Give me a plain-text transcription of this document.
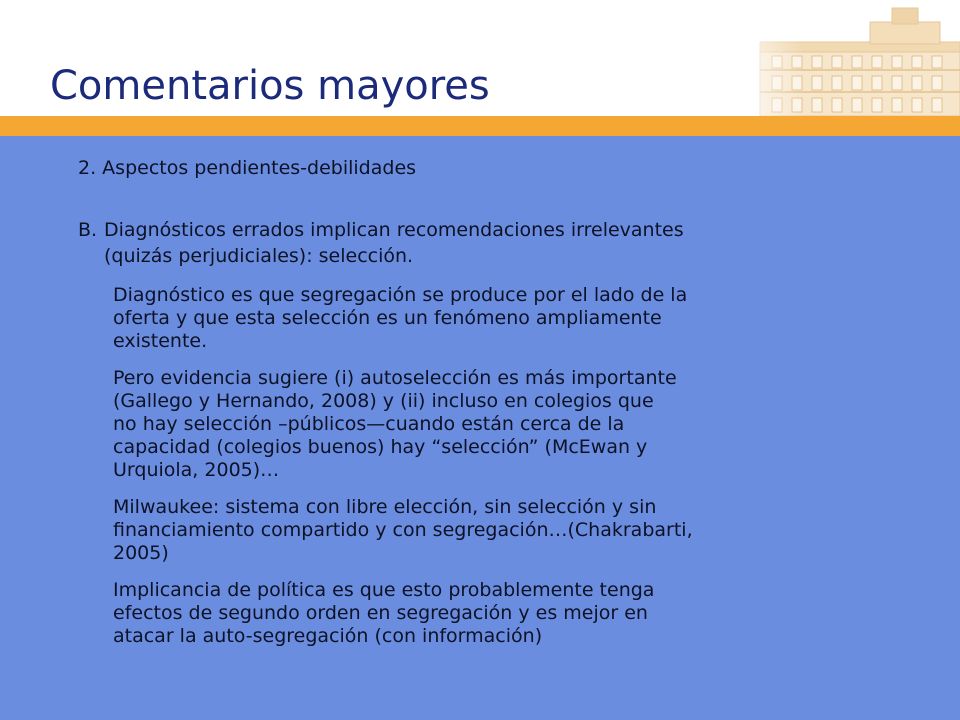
Comentarios mayores
2. Aspectos pendientes-debilidades
B. Diagnósticos errados implican recomendaciones irrelevantes
(quizás perjudiciales): selección.
Diagnóstico es que segregación se produce por el lado de la
oferta y que esta selección es un fenómeno ampliamente
existente.
Pero evidencia sugiere (i) autoselección es más importante
(Gallego y Hernando, 2008) y (ii) incluso en colegios que
no hay selección –públicos—cuando están cerca de la
capacidad (colegios buenos) hay “selección” (McEwan y
Urquiola, 2005)…
Milwaukee: sistema con libre elección, sin selección y sin
financiamiento compartido y con segregación…(Chakrabarti,
2005)
Implicancia de política es que esto probablemente tenga
efectos de segundo orden en segregación y es mejor en
atacar la auto-segregación (con información)
